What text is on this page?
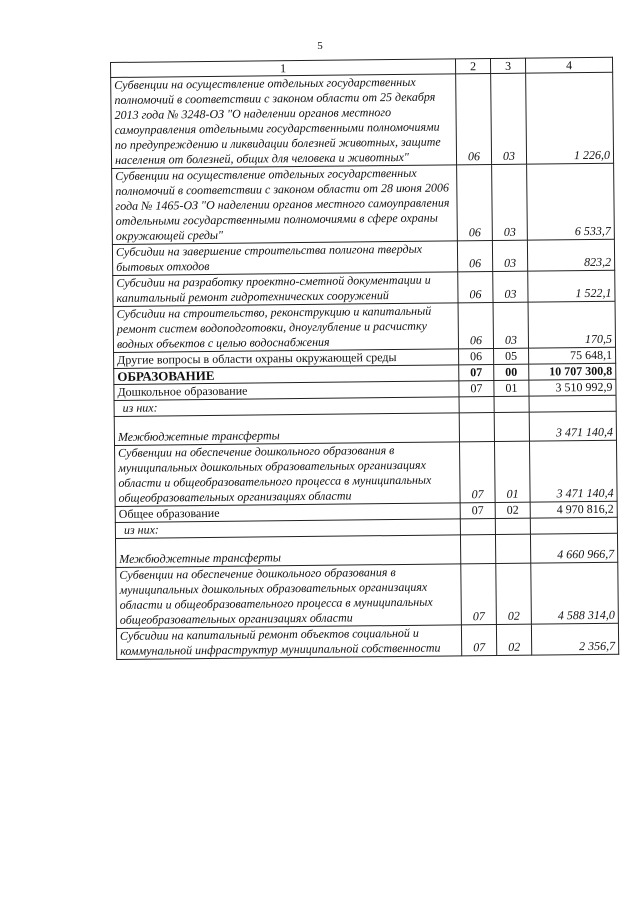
5
1	2	3	4
Субвенции на осуществление отдельных государственных полномочий в соответствии с законом области от 25 декабря 2013 года № 3248-ОЗ "О наделении органов местного самоуправления отдельными государственными полномочиями по предупреждению и ликвидации болезней животных, защите населения от болезней, общих для человека и животных"	06	03	1 226,0
Субвенции на осуществление отдельных государственных полномочий в соответствии с законом области от 28 июня 2006 года № 1465-ОЗ "О наделении органов местного самоуправления отдельными государственными полномочиями в сфере охраны окружающей среды"	06	03	6 533,7
Субсидии на завершение строительства полигона твердых бытовых отходов	06	03	823,2
Субсидии на разработку проектно-сметной документации и капитальный ремонт гидротехнических сооружений	06	03	1 522,1
Субсидии на строительство, реконструкцию и капитальный ремонт систем водоподготовки, дноуглубление и расчистку водных объектов с целью водоснабжения	06	03	170,5
Другие вопросы в области охраны окружающей среды	06	05	75 648,1
ОБРАЗОВАНИЕ	07	00	10 707 300,8
Дошкольное образование	07	01	3 510 992,9
из них:			
Межбюджетные трансферты			3 471 140,4
Субвенции на обеспечение дошкольного образования в муниципальных дошкольных образовательных организациях области и общеобразовательного процесса в муниципальных общеобразовательных организациях области	07	01	3 471 140,4
Общее образование	07	02	4 970 816,2
из них:			
Межбюджетные трансферты			4 660 966,7
Субвенции на обеспечение дошкольного образования в муниципальных дошкольных образовательных организациях области и общеобразовательного процесса в муниципальных общеобразовательных организациях области	07	02	4 588 314,0
Субсидии на капитальный ремонт объектов социальной и коммунальной инфраструктур муниципальной собственности	07	02	2 356,7
